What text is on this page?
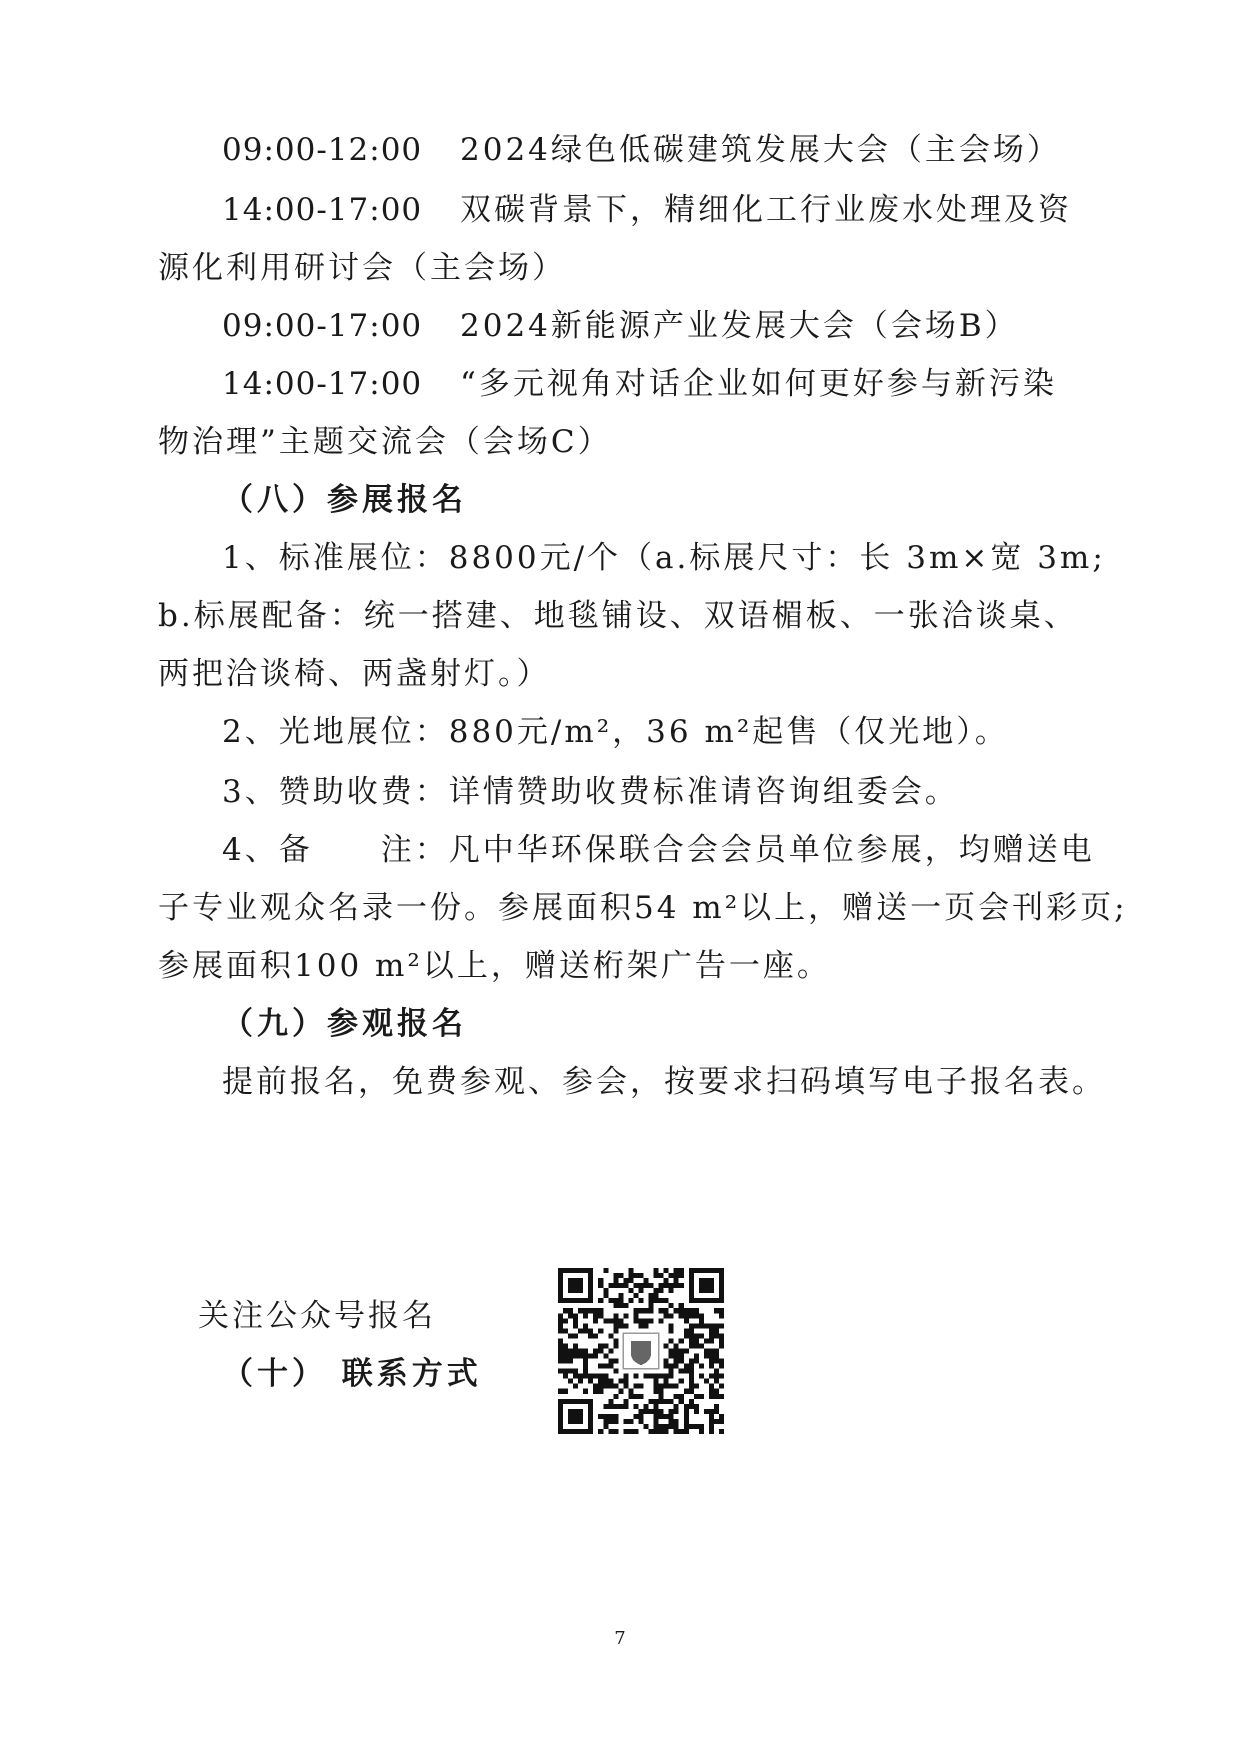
09:00-12:00 2024绿色低碳建筑发展大会（主会场）
14:00-17:00 双碳背景下，精细化工行业废水处理及资
源化利用研讨会（主会场）
09:00-17:00 2024新能源产业发展大会（会场B）
14:00-17:00 “多元视角对话企业如何更好参与新污染
物治理”主题交流会（会场C）
（八）参展报名
1、标准展位：8800元/个（a.标展尺寸：长 3m×宽 3m;
b.标展配备：统一搭建、地毯铺设、双语楣板、一张洽谈桌、
两把洽谈椅、两盏射灯。）
2、光地展位：880元/m²，36 m²起售（仅光地）。
3、赞助收费：详情赞助收费标准请咨询组委会。
4、备　　注：凡中华环保联合会会员单位参展，均赠送电
子专业观众名录一份。参展面积54 m²以上，赠送一页会刊彩页;
参展面积100 m²以上，赠送桁架广告一座。
（九）参观报名
提前报名，免费参观、参会，按要求扫码填写电子报名表。
关注公众号报名
（十） 联系方式
7
